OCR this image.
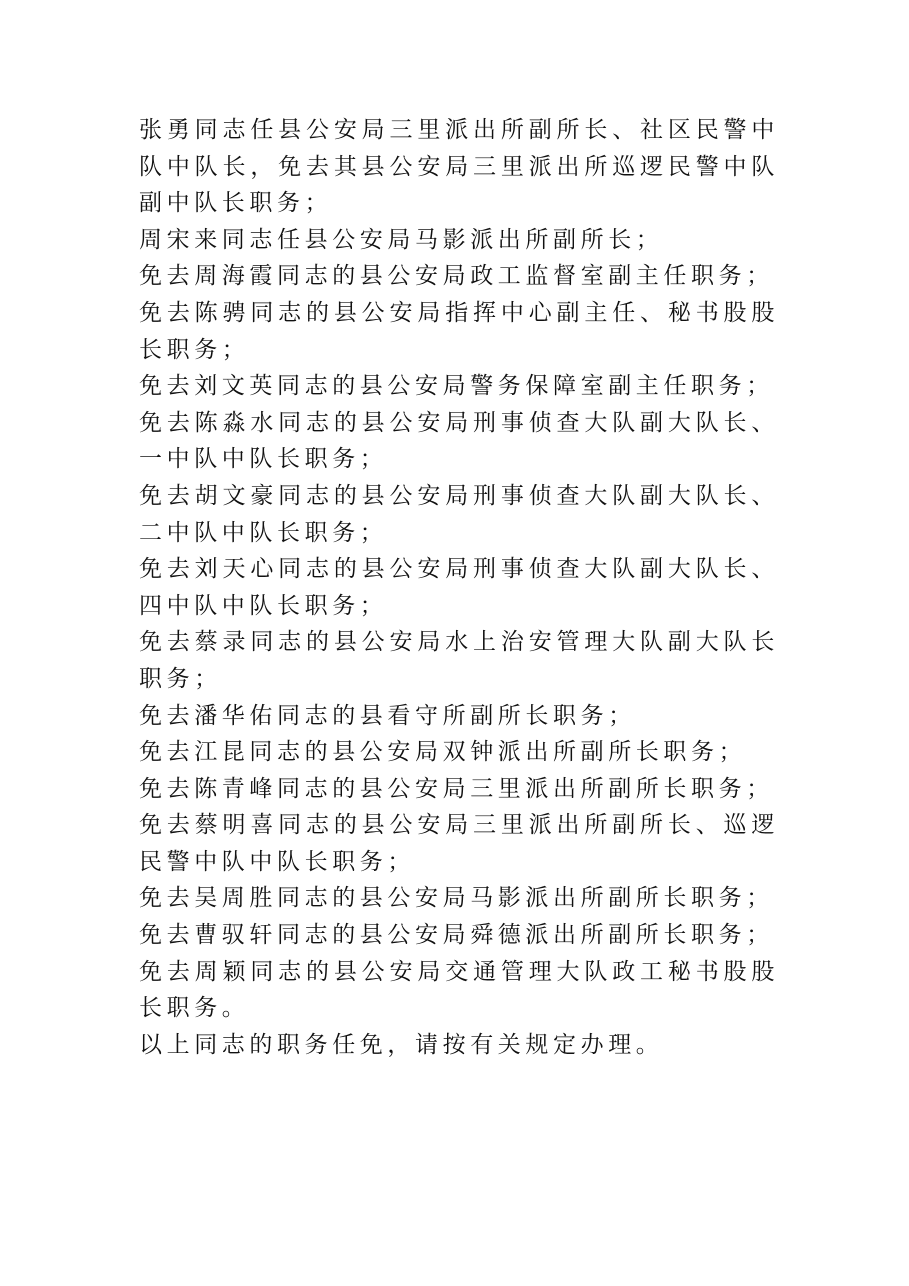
张勇同志任县公安局三里派出所副所长、社区民警中队中队长，免去其县公安局三里派出所巡逻民警中队副中队长职务；

周宋来同志任县公安局马影派出所副所长；

免去周海霞同志的县公安局政工监督室副主任职务；

免去陈骋同志的县公安局指挥中心副主任、秘书股股长职务；

免去刘文英同志的县公安局警务保障室副主任职务；

免去陈淼水同志的县公安局刑事侦查大队副大队长、一中队中队长职务；

免去胡文豪同志的县公安局刑事侦查大队副大队长、二中队中队长职务；

免去刘天心同志的县公安局刑事侦查大队副大队长、四中队中队长职务；

免去蔡录同志的县公安局水上治安管理大队副大队长职务；

免去潘华佑同志的县看守所副所长职务；

免去江昆同志的县公安局双钟派出所副所长职务；

免去陈青峰同志的县公安局三里派出所副所长职务；

免去蔡明喜同志的县公安局三里派出所副所长、巡逻民警中队中队长职务；

免去吴周胜同志的县公安局马影派出所副所长职务；

免去曹驭轩同志的县公安局舜德派出所副所长职务；

免去周颖同志的县公安局交通管理大队政工秘书股股长职务。

以上同志的职务任免，请按有关规定办理。
